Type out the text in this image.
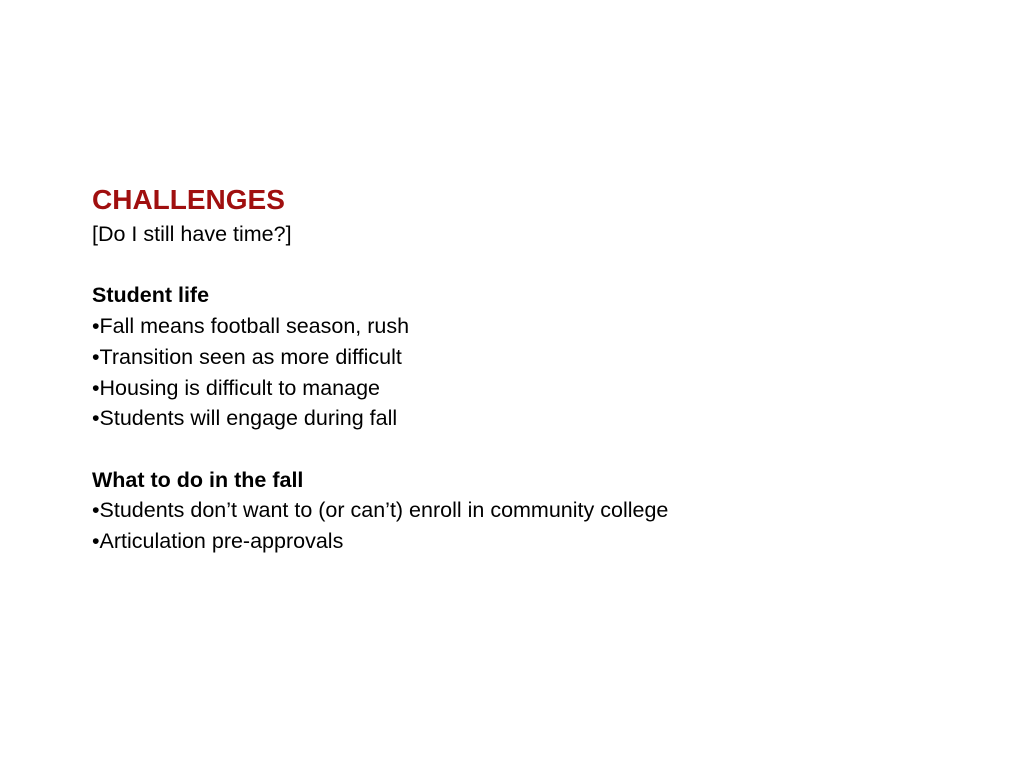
CHALLENGES
[Do I still have time?]
Student life
•Fall means football season, rush
•Transition seen as more difficult
•Housing is difficult to manage
•Students will engage during fall
What to do in the fall
•Students don’t want to (or can’t) enroll in community college
•Articulation pre-approvals
